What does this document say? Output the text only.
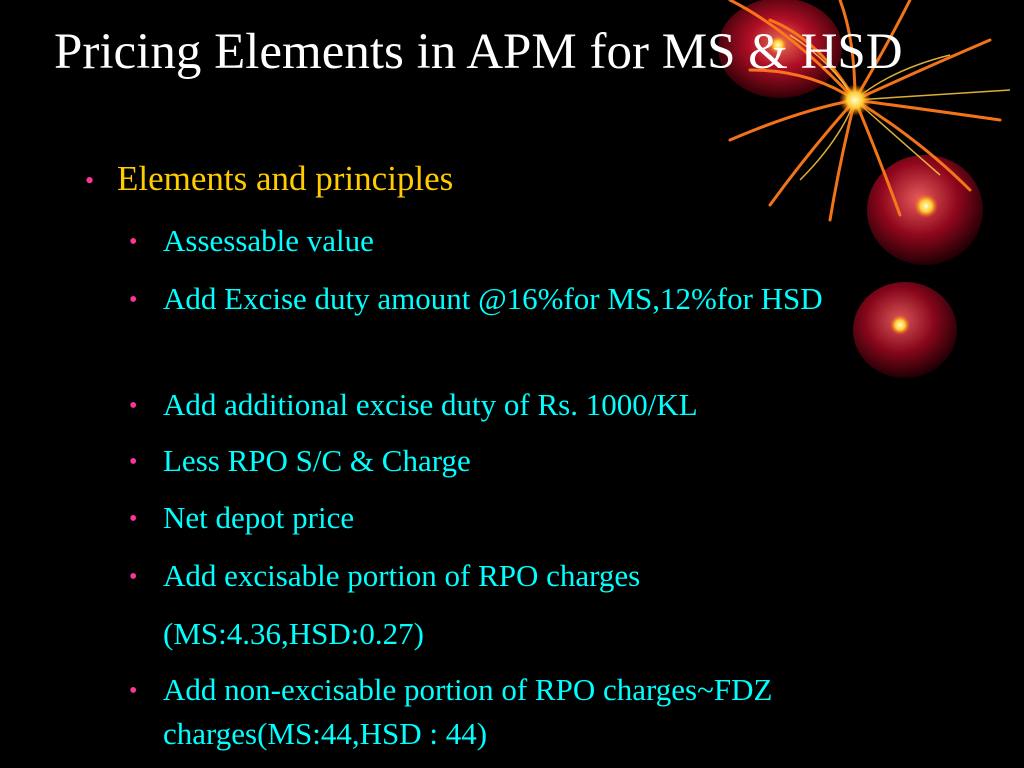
Pricing Elements in APM for MS & HSD
• Elements and principles
• Assessable value
• Add Excise duty amount @16%for MS,12%for HSD
• Add additional excise duty of Rs. 1000/KL
• Less RPO S/C & Charge
• Net depot price
• Add excisable portion of RPO charges
(MS:4.36,HSD:0.27)
• Add non-excisable portion of RPO charges~FDZ charges(MS:44,HSD : 44)
